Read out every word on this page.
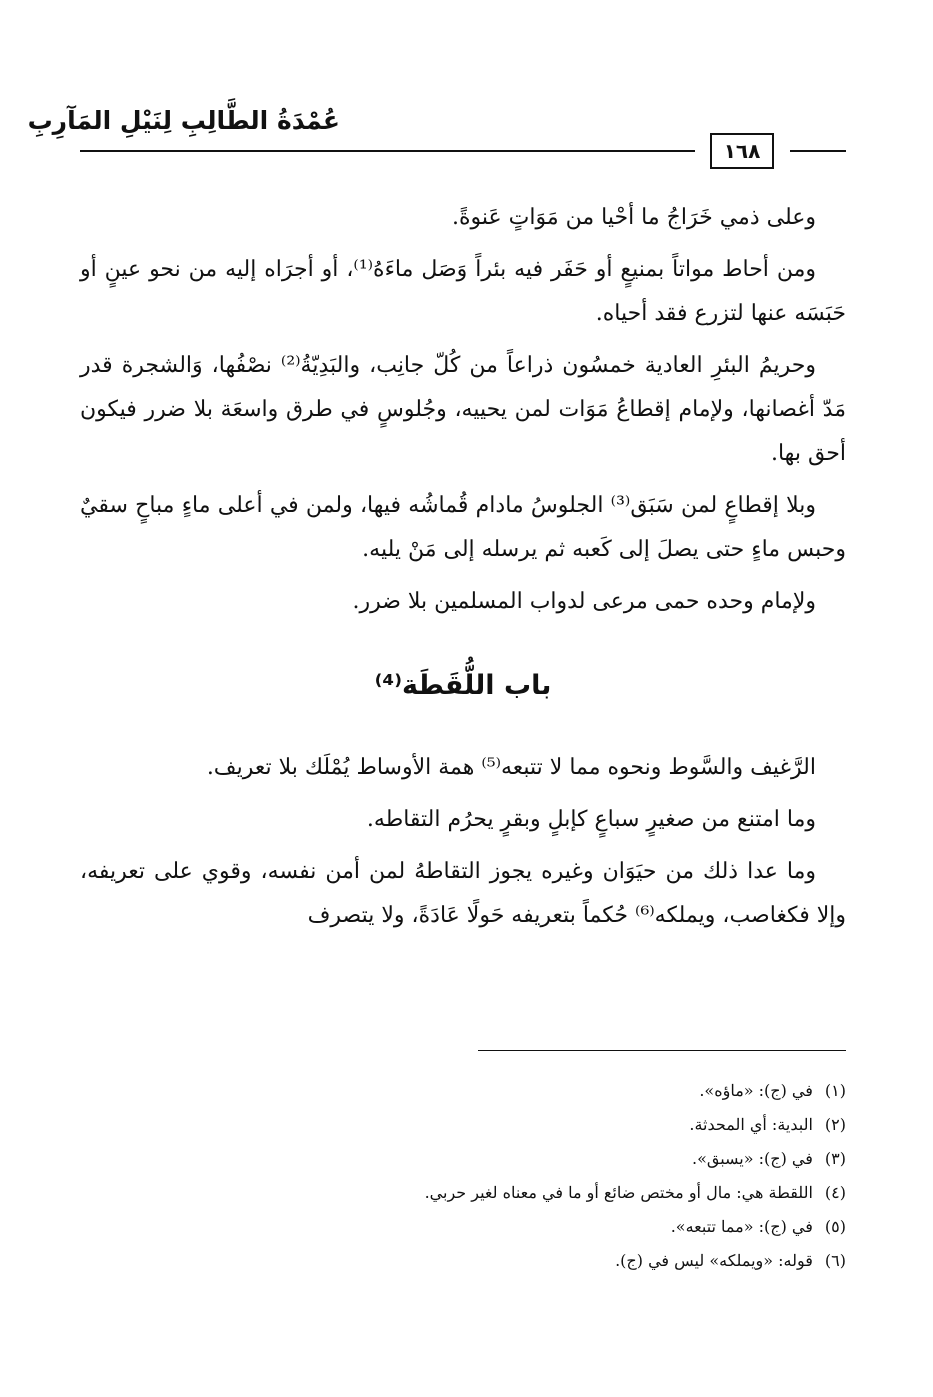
عُمْدَةُ الطَّالِبِ لِنَيْلِ المَآرِبِ
١٦٨

وعلى ذمي خَرَاجُ ما أحْيا من مَوَاتٍ عَنوةً.

ومن أحاط مواتاً بمنيعٍ أو حَفَر فيه بئراً وَصَل ماءَهُ⁽¹⁾، أو أجرَاه إليه من نحو عينٍ أو حَبَسَه عنها لتزرع فقد أحياه.

وحريمُ البئرِ العادية خمسُون ذراعاً من كُلّ جانِب، والبَدِيّةُ⁽²⁾ نصْفُها، وَالشجرة قدر مَدّ أغصانها، ولإمام إقطاعُ مَوَات لمن يحييه، وجُلوسٍ في طرق واسعَة بلا ضرر فيكون أحق بها.

وبلا إقطاعٍ لمن سَبَق⁽³⁾ الجلوسُ مادام قُماشُه فيها، ولمن في أعلى ماءٍ مباحٍ سقيٌ وحبس ماءٍ حتى يصلَ إلى كَعبه ثم يرسله إلى مَنْ يليه.

ولإمام وحده حمى مرعى لدواب المسلمين بلا ضرر.

باب اللُّقَطَة⁽⁴⁾

الرَّغيف والسَّوط ونحوه مما لا تتبعه⁽⁵⁾ همة الأوساط يُمْلَك بلا تعريف.

وما امتنع من صغيرٍ سباعٍ كإبلٍ وبقرٍ يحرُم التقاطه.

وما عدا ذلك من حيَوَان وغيره يجوز التقاطهُ لمن أمن نفسه، وقوي على تعريفه، وإلا فكغاصب، ويملكه⁽⁶⁾ حُكماً بتعريفه حَولًا عَادَةً، ولا يتصرف

(١) في (ج): «ماؤه».

(٢) البدية: أي المحدثة.

(٣) في (ج): «يسبق».

(٤) اللقطة هي: مال أو مختص ضائع أو ما في معناه لغير حربي.

(٥) في (ج): «مما تتبعه».

(٦) قوله: «ويملكه» ليس في (ج).
